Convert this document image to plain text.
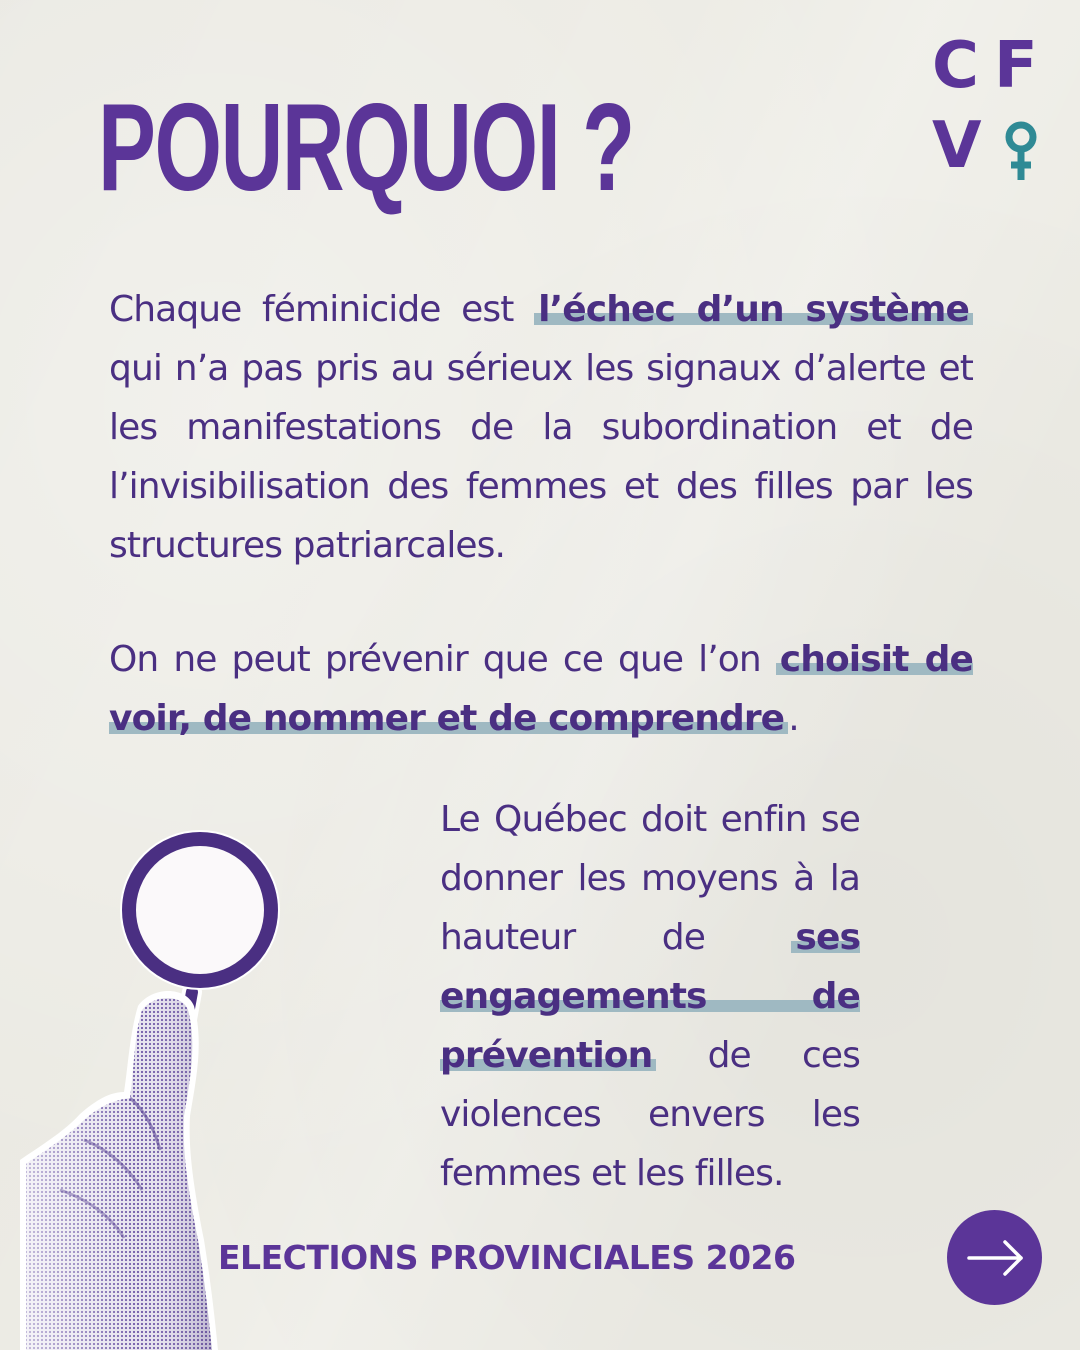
POURQUOI ?
C F
V

Chaque féminicide est l’échec d’un système qui n’a pas pris au sérieux les signaux d’alerte et les manifestations de la subordination et de l’invisibilisation des femmes et des filles par les structures patriarcales.

On ne peut prévenir que ce que l’on choisit de voir, de nommer et de comprendre .

Le Québec doit enfin se donner les moyens à la hauteur de ses engagements de prévention de ces violences envers les femmes et les filles.

ELECTIONS PROVINCIALES 2026
